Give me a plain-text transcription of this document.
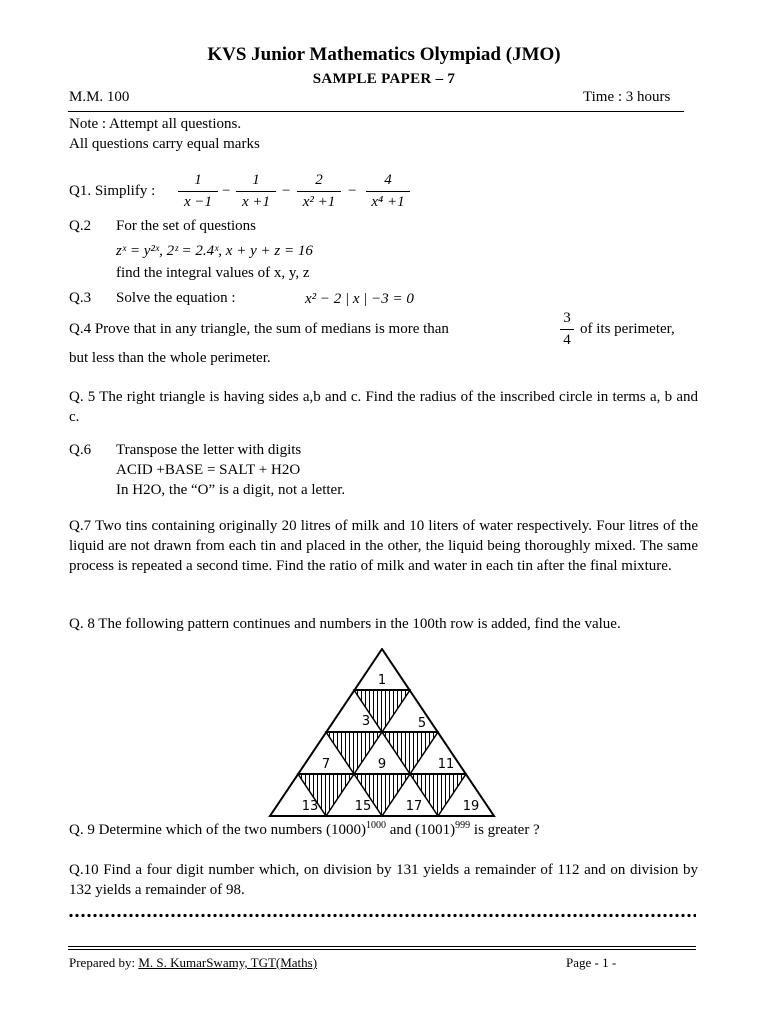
KVS Junior Mathematics Olympiad (JMO)
SAMPLE PAPER – 7
M.M. 100	Time : 3 hours
Note : Attempt all questions.
All questions carry equal marks
Q1. Simplify :
1
x −1
−
1
x +1
−
2
x² +1
−
4
x⁴ +1
Q.2 For the set of questions
zˣ = y²ˣ, 2ᶻ = 2.4ˣ, x + y + z = 16
find the integral values of x, y, z
Q.3 Solve the equation :	x² − 2 | x | −3 = 0
Q.4 Prove that in any triangle, the sum of medians is more than
3
4
of its perimeter,
but less than the whole perimeter.
Q. 5 The right triangle is having sides a,b and c. Find the radius of the inscribed circle in terms a, b and c.
Q.6 Transpose the letter with digits
ACID +BASE = SALT + H2O
In H2O, the “O” is a digit, not a letter.
Q.7 Two tins containing originally 20 litres of milk and 10 liters of water respectively. Four litres of the liquid are not drawn from each tin and placed in the other, the liquid being thoroughly mixed. The same process is repeated a second time. Find the ratio of milk and water in each tin after the final mixture.
Q. 8 The following pattern continues and numbers in the 100th row is added, find the value.
1
3	5
7	9	11
13	15	17	19
Q. 9 Determine which of the two numbers $(1000)^{1000}$ and $(1001)^{999}$ is greater ?
Q.10 Find a four digit number which, on division by 131 yields a remainder of 112 and on division by 132 yields a remainder of 98.
Prepared by: M. S. KumarSwamy, TGT(Maths)	Page - 1 -
